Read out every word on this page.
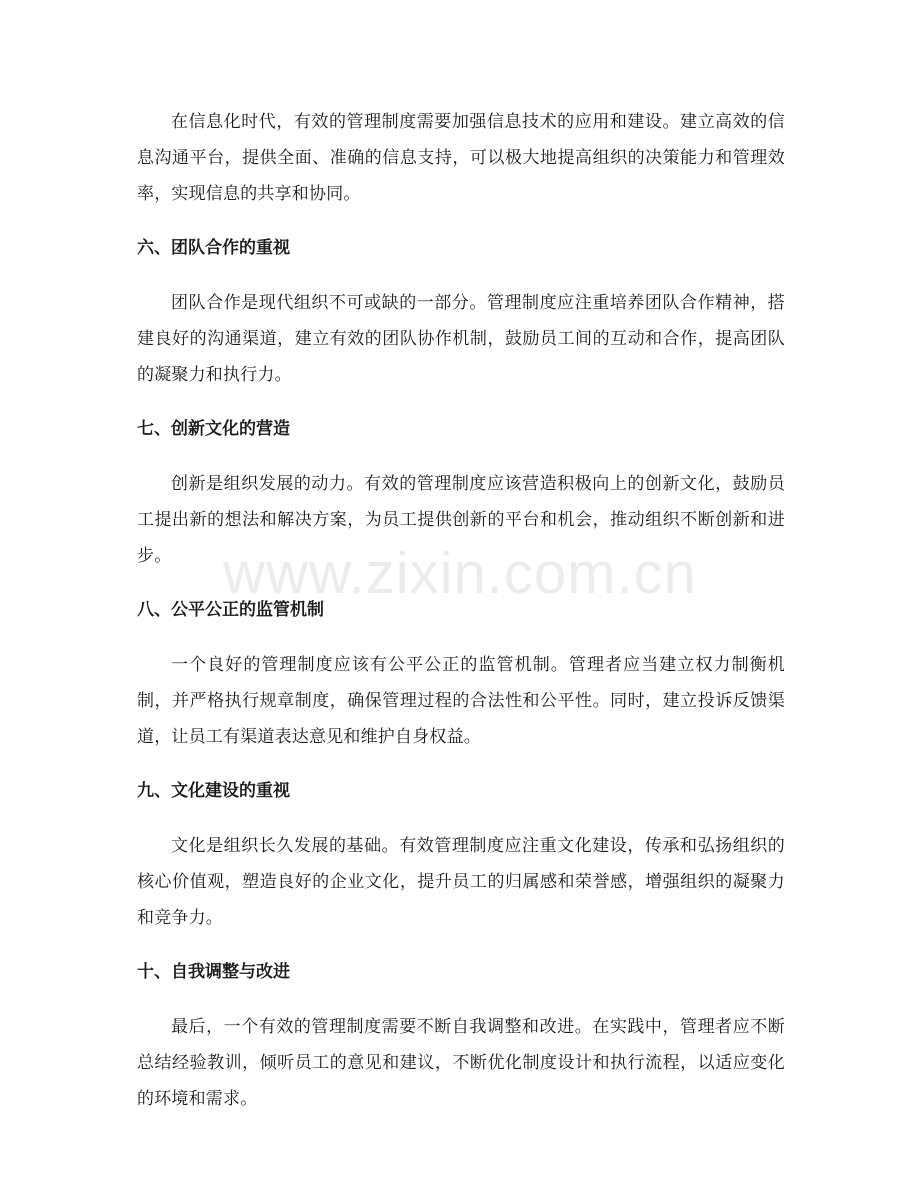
在信息化时代，有效的管理制度需要加强信息技术的应用和建设。建立高效的信息沟通平台，提供全面、准确的信息支持，可以极大地提高组织的决策能力和管理效率，实现信息的共享和协同。

六、团队合作的重视

团队合作是现代组织不可或缺的一部分。管理制度应注重培养团队合作精神，搭建良好的沟通渠道，建立有效的团队协作机制，鼓励员工间的互动和合作，提高团队的凝聚力和执行力。

七、创新文化的营造

创新是组织发展的动力。有效的管理制度应该营造积极向上的创新文化，鼓励员工提出新的想法和解决方案，为员工提供创新的平台和机会，推动组织不断创新和进步。

八、公平公正的监管机制

一个良好的管理制度应该有公平公正的监管机制。管理者应当建立权力制衡机制，并严格执行规章制度，确保管理过程的合法性和公平性。同时，建立投诉反馈渠道，让员工有渠道表达意见和维护自身权益。

九、文化建设的重视

文化是组织长久发展的基础。有效管理制度应注重文化建设，传承和弘扬组织的核心价值观，塑造良好的企业文化，提升员工的归属感和荣誉感，增强组织的凝聚力和竞争力。

十、自我调整与改进

最后，一个有效的管理制度需要不断自我调整和改进。在实践中，管理者应不断总结经验教训，倾听员工的意见和建议，不断优化制度设计和执行流程，以适应变化的环境和需求。

www.zixin.com.cn
